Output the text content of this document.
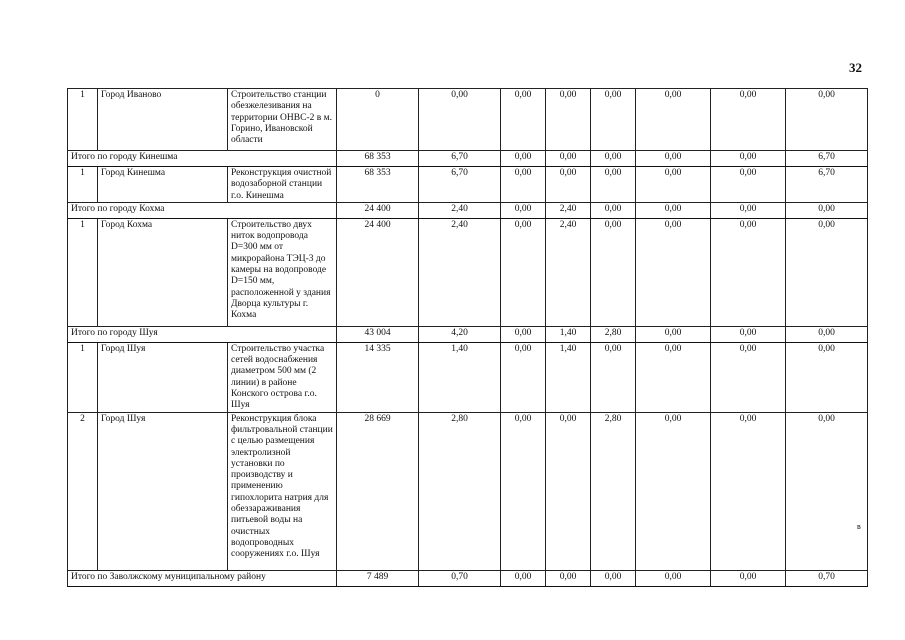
32
1	Город Иваново	Строительство станции обезжелезивания на территории ОНВС-2 в м. Горино, Ивановской области	0	0,00	0,00	0,00	0,00	0,00	0,00	0,00
Итого по городу Кинешма			68 353	6,70	0,00	0,00	0,00	0,00	0,00	6,70
1	Город Кинешма	Реконструкция очистной водозаборной станции г.о. Кинешма	68 353	6,70	0,00	0,00	0,00	0,00	0,00	6,70
Итого по городу Кохма			24 400	2,40	0,00	2,40	0,00	0,00	0,00	0,00
1	Город Кохма	Строительство двух ниток водопровода D=300 мм от микрорайона ТЭЦ-3 до камеры на водопроводе D=150 мм, расположенной у здания Дворца культуры г. Кохма	24 400	2,40	0,00	2,40	0,00	0,00	0,00	0,00
Итого по городу Шуя			43 004	4,20	0,00	1,40	2,80	0,00	0,00	0,00
1	Город Шуя	Строительство участка сетей водоснабжения диаметром 500 мм (2 линии) в районе Конского острова г.о. Шуя	14 335	1,40	0,00	1,40	0,00	0,00	0,00	0,00
2	Город Шуя	Реконструкция блока фильтровальной станции с целью размещения электролизной установки по производству и применению гипохлорита натрия для обеззараживания питьевой воды на очистных водопроводных сооружениях г.о. Шуя	28 669	2,80	0,00	0,00	2,80	0,00	0,00	0,00
Итого по Заволжскому муниципальному району			7 489	0,70	0,00	0,00	0,00	0,00	0,00	0,70
в
